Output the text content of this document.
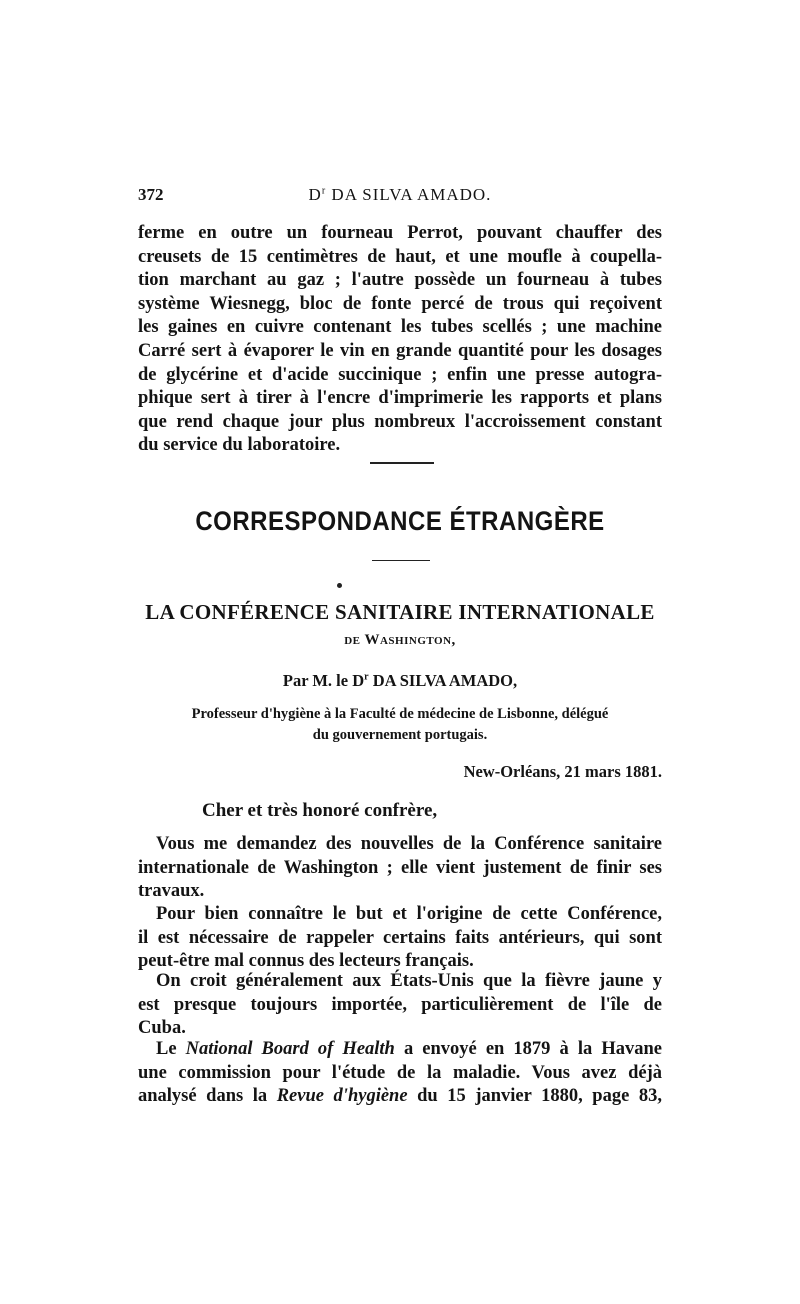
372	$D^r$ DA SILVA AMADO.
ferme en outre un fourneau Perrot, pouvant chauffer des
creusets de 15 centimètres de haut, et une moufle à coupella-
tion marchant au gaz ; l'autre possède un fourneau à tubes
système Wiesnegg, bloc de fonte percé de trous qui reçoivent
les gaines en cuivre contenant les tubes scellés ; une machine
Carré sert à évaporer le vin en grande quantité pour les dosages
de glycérine et d'acide succinique ; enfin une presse autogra-
phique sert à tirer à l'encre d'imprimerie les rapports et plans
que rend chaque jour plus nombreux l'accroissement constant
du service du laboratoire.
CORRESPONDANCE ÉTRANGÈRE
LA CONFÉRENCE SANITAIRE INTERNATIONALE
de Washington,
Par M. le $D^r$ DA SILVA AMADO,
Professeur d'hygiène à la Faculté de médecine de Lisbonne, délégué
du gouvernement portugais.
New-Orléans, 21 mars 1881.
Cher et très honoré confrère,
Vous me demandez des nouvelles de la Conférence sanitaire
internationale de Washington ; elle vient justement de finir ses
travaux.
Pour bien connaître le but et l'origine de cette Conférence,
il est nécessaire de rappeler certains faits antérieurs, qui sont
peut-être mal connus des lecteurs français.
On croit généralement aux États-Unis que la fièvre jaune y
est presque toujours importée, particulièrement de l'île de
Cuba.
Le National Board of Health a envoyé en 1879 à la Havane
une commission pour l'étude de la maladie. Vous avez déjà
analysé dans la Revue d'hygiène du 15 janvier 1880, page 83,
